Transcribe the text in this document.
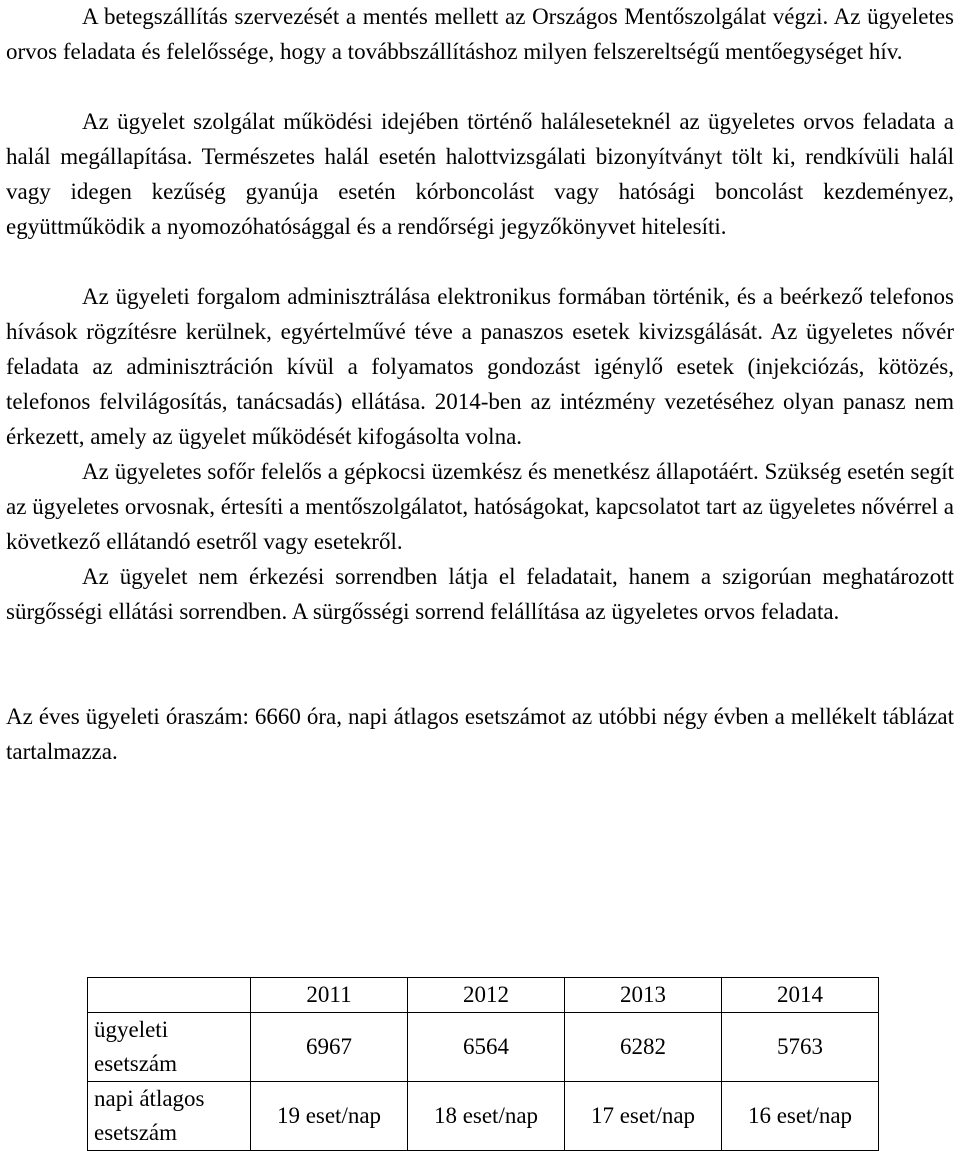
A betegszállítás szervezését a mentés mellett az Országos Mentőszolgálat végzi. Az ügyeletes orvos feladata és felelőssége, hogy a továbbszállításhoz milyen felszereltségű mentőegységet hív.

Az ügyelet szolgálat működési idejében történő haláleseteknél az ügyeletes orvos feladata a halál megállapítása. Természetes halál esetén halottvizsgálati bizonyítványt tölt ki, rendkívüli halál vagy idegen kezűség gyanúja esetén kórboncolást vagy hatósági boncolást kezdeményez, együttműködik a nyomozóhatósággal és a rendőrségi jegyzőkönyvet hitelesíti.

Az ügyeleti forgalom adminisztrálása elektronikus formában történik, és a beérkező telefonos hívások rögzítésre kerülnek, egyértelművé téve a panaszos esetek kivizsgálását. Az ügyeletes nővér feladata az adminisztráción kívül a folyamatos gondozást igénylő esetek (injekciózás, kötözés, telefonos felvilágosítás, tanácsadás) ellátása. 2014-ben az intézmény vezetéséhez olyan panasz nem érkezett, amely az ügyelet működését kifogásolta volna.

Az ügyeletes sofőr felelős a gépkocsi üzemkész és menetkész állapotáért. Szükség esetén segít az ügyeletes orvosnak, értesíti a mentőszolgálatot, hatóságokat, kapcsolatot tart az ügyeletes nővérrel a következő ellátandó esetről vagy esetekről.

Az ügyelet nem érkezési sorrendben látja el feladatait, hanem a szigorúan meghatározott sürgősségi ellátási sorrendben. A sürgősségi sorrend felállítása az ügyeletes orvos feladata.

Az éves ügyeleti óraszám: 6660 óra, napi átlagos esetszámot az utóbbi négy évben a mellékelt táblázat tartalmazza.

	2011	2012	2013	2014
ügyeleti esetszám	6967	6564	6282	5763
napi átlagos esetszám	19 eset/nap	18 eset/nap	17 eset/nap	16 eset/nap
